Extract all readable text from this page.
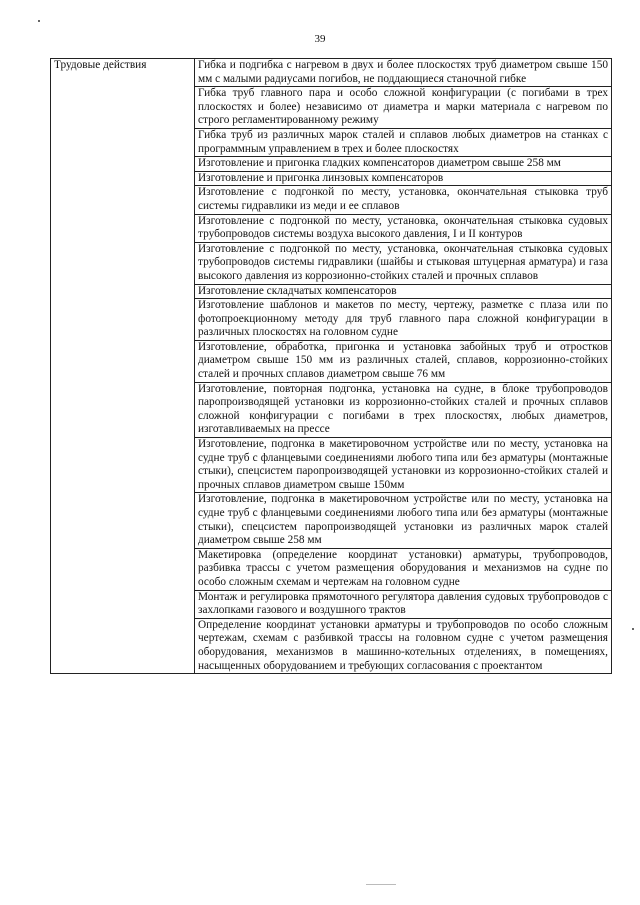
39
Трудовые действия	Гибка и подгибка с нагревом в двух и более плоскостях труб диаметром свыше 150 мм с малыми радиусами погибов, не поддающиеся станочной гибке
Гибка труб главного пара и особо сложной конфигурации (с погибами в трех плоскостях и более) независимо от диаметра и марки материала с нагревом по строго регламентированному режиму
Гибка труб из различных марок сталей и сплавов любых диаметров на станках с программным управлением в трех и более плоскостях
Изготовление и пригонка гладких компенсаторов диаметром свыше 258 мм
Изготовление и пригонка линзовых компенсаторов
Изготовление с подгонкой по месту, установка, окончательная стыковка труб системы гидравлики из меди и ее сплавов
Изготовление с подгонкой по месту, установка, окончательная стыковка судовых трубопроводов системы воздуха высокого давления, I и II контуров
Изготовление с подгонкой по месту, установка, окончательная стыковка судовых трубопроводов системы гидравлики (шайбы и стыковая штуцерная арматура) и газа высокого давления из коррозионно-стойких сталей и прочных сплавов
Изготовление складчатых компенсаторов
Изготовление шаблонов и макетов по месту, чертежу, разметке с плаза или по фотопроекционному методу для труб главного пара сложной конфигурации в различных плоскостях на головном судне
Изготовление, обработка, пригонка и установка забойных труб и отростков диаметром свыше 150 мм из различных сталей, сплавов, коррозионно-стойких сталей и прочных сплавов диаметром свыше 76 мм
Изготовление, повторная подгонка, установка на судне, в блоке трубопроводов паропроизводящей установки из коррозионно-стойких сталей и прочных сплавов сложной конфигурации с погибами в трех плоскостях, любых диаметров, изготавливаемых на прессе
Изготовление, подгонка в макетировочном устройстве или по месту, установка на судне труб с фланцевыми соединениями любого типа или без арматуры (монтажные стыки), спецсистем паропроизводящей установки из коррозионно-стойких сталей и прочных сплавов диаметром свыше 150мм
Изготовление, подгонка в макетировочном устройстве или по месту, установка на судне труб с фланцевыми соединениями любого типа или без арматуры (монтажные стыки), спецсистем паропроизводящей установки из различных марок сталей диаметром свыше 258 мм
Макетировка (определение координат установки) арматуры, трубопроводов, разбивка трассы с учетом размещения оборудования и механизмов на судне по особо сложным схемам и чертежам на головном судне
Монтаж и регулировка прямоточного регулятора давления судовых трубопроводов с захлопками газового и воздушного трактов
Определение координат установки арматуры и трубопроводов по особо сложным чертежам, схемам с разбивкой трассы на головном судне с учетом размещения оборудования, механизмов в машинно-котельных отделениях, в помещениях, насыщенных оборудованием и требующих согласования с проектантом
